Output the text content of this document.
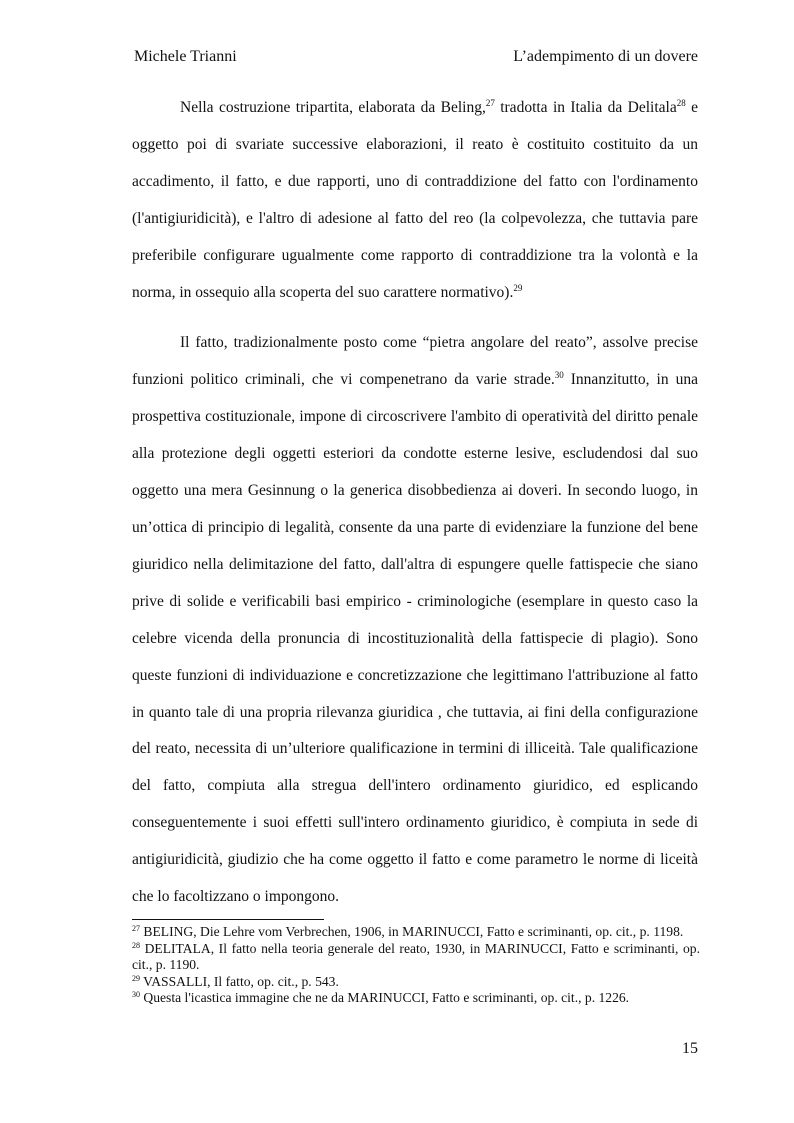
Michele Trianni	L’adempimento di un dovere

Nella costruzione tripartita, elaborata da Beling,$^{27}$ tradotta in Italia da Delitala$^{28}$ e oggetto poi di svariate successive elaborazioni, il reato è costituito costituito da un accadimento, il fatto, e due rapporti, uno di contraddizione del fatto con l'ordinamento (l'antigiuridicità), e l'altro di adesione al fatto del reo (la colpevolezza, che tuttavia pare preferibile configurare ugualmente come rapporto di contraddizione tra la volontà e la norma, in ossequio alla scoperta del suo carattere normativo).$^{29}$

Il fatto, tradizionalmente posto come “pietra angolare del reato”, assolve precise funzioni politico criminali, che vi compenetrano da varie strade.$^{30}$ Innanzitutto, in una prospettiva costituzionale, impone di circoscrivere l'ambito di operatività del diritto penale alla protezione degli oggetti esteriori da condotte esterne lesive, escludendosi dal suo oggetto una mera Gesinnung o la generica disobbedienza ai doveri. In secondo luogo, in un’ottica di principio di legalità, consente da una parte di evidenziare la funzione del bene giuridico nella delimitazione del fatto, dall'altra di espungere quelle fattispecie che siano prive di solide e verificabili basi empirico - criminologiche (esemplare in questo caso la celebre vicenda della pronuncia di incostituzionalità della fattispecie di plagio). Sono queste funzioni di individuazione e concretizzazione che legittimano l'attribuzione al fatto in quanto tale di una propria rilevanza giuridica , che tuttavia, ai fini della configurazione del reato, necessita di un’ulteriore qualificazione in termini di illiceità. Tale qualificazione del fatto, compiuta alla stregua dell'intero ordinamento giuridico, ed esplicando conseguentemente i suoi effetti sull'intero ordinamento giuridico, è compiuta in sede di antigiuridicità, giudizio che ha come oggetto il fatto e come parametro le norme di liceità che lo facoltizzano o impongono.

$^{27}$ BELING, Die Lehre vom Verbrechen, 1906, in MARINUCCI, Fatto e scriminanti, op. cit., p. 1198.

$^{28}$ DELITALA, Il fatto nella teoria generale del reato, 1930, in MARINUCCI, Fatto e scriminanti, op. cit., p. 1190.

$^{29}$ VASSALLI, Il fatto, op. cit., p. 543.

$^{30}$ Questa l'icastica immagine che ne da MARINUCCI, Fatto e scriminanti, op. cit., p. 1226.

15
